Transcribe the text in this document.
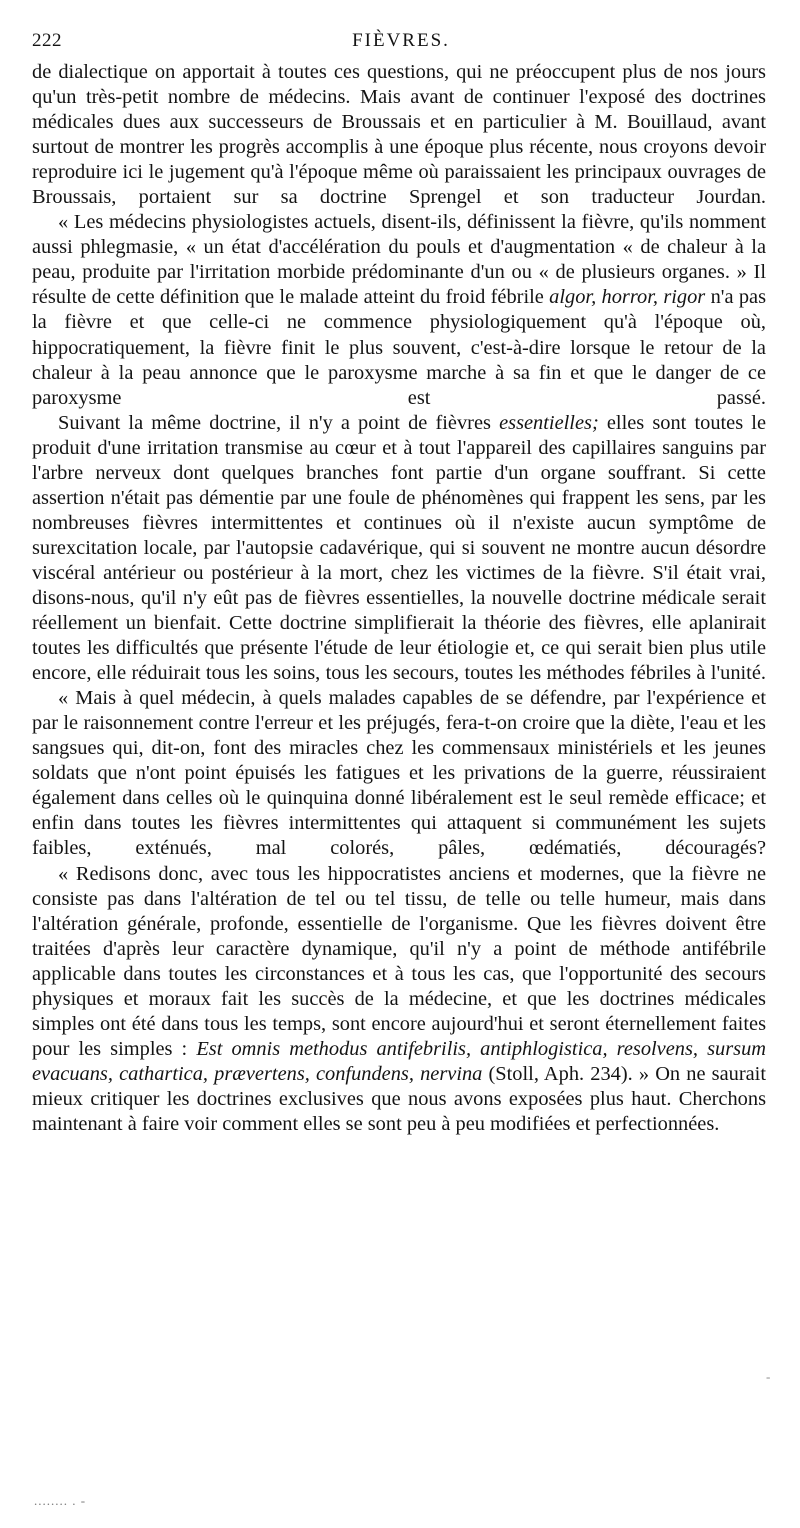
222	FIÈVRES.

de dialectique on apportait à toutes ces questions, qui ne préoccupent plus de nos jours qu'un très-petit nombre de médecins. Mais avant de continuer l'exposé des doctrines médicales dues aux successeurs de Broussais et en particulier à M. Bouillaud, avant surtout de montrer les progrès accomplis à une époque plus récente, nous croyons devoir reproduire ici le jugement qu'à l'époque même où paraissaient les principaux ouvrages de Broussais, portaient sur sa doctrine Sprengel et son traducteur Jourdan.

« Les médecins physiologistes actuels, disent-ils, définissent la fièvre, qu'ils nomment aussi phlegmasie, « un état d'accélération du pouls et d'augmentation « de chaleur à la peau, produite par l'irritation morbide prédominante d'un ou « de plusieurs organes. » Il résulte de cette définition que le malade atteint du froid fébrile algor, horror, rigor n'a pas la fièvre et que celle-ci ne commence physiologiquement qu'à l'époque où, hippocratiquement, la fièvre finit le plus souvent, c'est-à-dire lorsque le retour de la chaleur à la peau annonce que le paroxysme marche à sa fin et que le danger de ce paroxysme est passé.

Suivant la même doctrine, il n'y a point de fièvres essentielles; elles sont toutes le produit d'une irritation transmise au cœur et à tout l'appareil des capillaires sanguins par l'arbre nerveux dont quelques branches font partie d'un organe souffrant. Si cette assertion n'était pas démentie par une foule de phénomènes qui frappent les sens, par les nombreuses fièvres intermittentes et continues où il n'existe aucun symptôme de surexcitation locale, par l'autopsie cadavérique, qui si souvent ne montre aucun désordre viscéral antérieur ou postérieur à la mort, chez les victimes de la fièvre. S'il était vrai, disons-nous, qu'il n'y eût pas de fièvres essentielles, la nouvelle doctrine médicale serait réellement un bienfait. Cette doctrine simplifierait la théorie des fièvres, elle aplanirait toutes les difficultés que présente l'étude de leur étiologie et, ce qui serait bien plus utile encore, elle réduirait tous les soins, tous les secours, toutes les méthodes fébriles à l'unité.

« Mais à quel médecin, à quels malades capables de se défendre, par l'expérience et par le raisonnement contre l'erreur et les préjugés, fera-t-on croire que la diète, l'eau et les sangsues qui, dit-on, font des miracles chez les commensaux ministériels et les jeunes soldats que n'ont point épuisés les fatigues et les privations de la guerre, réussiraient également dans celles où le quinquina donné libéralement est le seul remède efficace; et enfin dans toutes les fièvres intermittentes qui attaquent si communément les sujets faibles, exténués, mal colorés, pâles, œdématiés, découragés?

« Redisons donc, avec tous les hippocratistes anciens et modernes, que la fièvre ne consiste pas dans l'altération de tel ou tel tissu, de telle ou telle humeur, mais dans l'altération générale, profonde, essentielle de l'organisme. Que les fièvres doivent être traitées d'après leur caractère dynamique, qu'il n'y a point de méthode antifébrile applicable dans toutes les circonstances et à tous les cas, que l'opportunité des secours physiques et moraux fait les succès de la médecine, et que les doctrines médicales simples ont été dans tous les temps, sont encore aujourd'hui et seront éternellement faites pour les simples : Est omnis methodus antifebrilis, antiphlogistica, resolvens, sursum evacuans, cathartica, prævertens, confundens, nervina (Stoll, Aph. 234). » On ne saurait mieux critiquer les doctrines exclusives que nous avons exposées plus haut. Cherchons maintenant à faire voir comment elles se sont peu à peu modifiées et perfectionnées.

-
........ . -
